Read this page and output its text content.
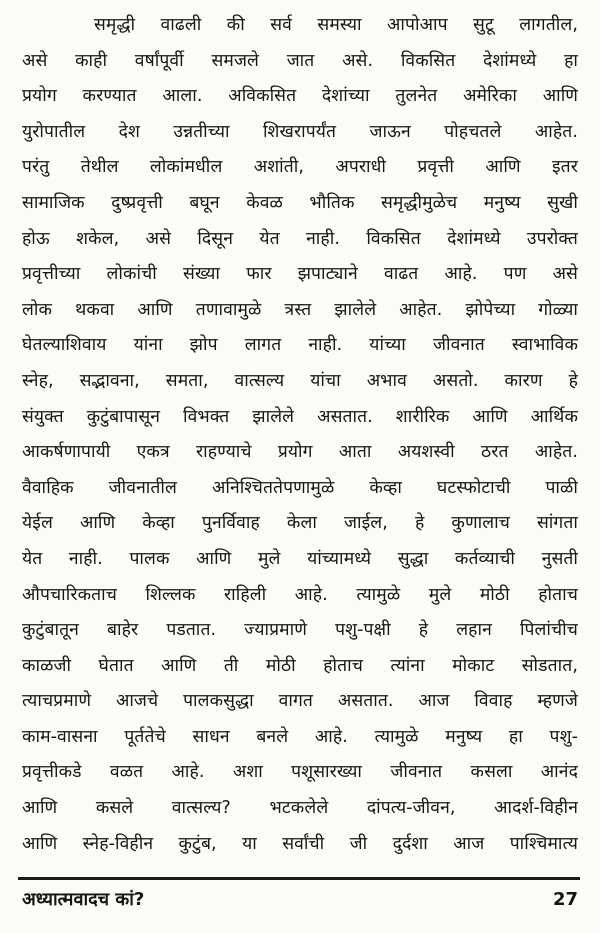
समृद्धी वाढली की सर्व समस्या आपोआप सुटू लागतील,
असे काही वर्षांपूर्वी समजले जात असे. विकसित देशांमध्ये हा
प्रयोग करण्यात आला. अविकसित देशांच्या तुलनेत अमेरिका आणि
युरोपातील देश उन्नतीच्या शिखरापर्यंत जाऊन पोहचतले आहेत.
परंतु तेथील लोकांमधील अशांती, अपराधी प्रवृत्ती आणि इतर
सामाजिक दुष्प्रवृत्ती बघून केवळ भौतिक समृद्धीमुळेच मनुष्य सुखी
होऊ शकेल, असे दिसून येत नाही. विकसित देशांमध्ये उपरोक्त
प्रवृत्तीच्या लोकांची संख्या फार झपाट्याने वाढत आहे. पण असे
लोक थकवा आणि तणावामुळे त्रस्त झालेले आहेत. झोपेच्या गोळ्या
घेतल्याशिवाय यांना झोप लागत नाही. यांच्या जीवनात स्वाभाविक
स्नेह, सद्भावना, समता, वात्सल्य यांचा अभाव असतो. कारण हे
संयुक्त कुटुंबापासून विभक्त झालेले असतात. शारीरिक आणि आर्थिक
आकर्षणापायी एकत्र राहण्याचे प्रयोग आता अयशस्वी ठरत आहेत.
वैवाहिक जीवनातील अनिश्चिततेपणामुळे केव्हा घटस्फोटाची पाळी
येईल आणि केव्हा पुनर्विवाह केला जाईल, हे कुणालाच सांगता
येत नाही. पालक आणि मुले यांच्यामध्ये सुद्धा कर्तव्याची नुसती
औपचारिकताच शिल्लक राहिली आहे. त्यामुळे मुले मोठी होताच
कुटुंबातून बाहेर पडतात. ज्याप्रमाणे पशु-पक्षी हे लहान पिलांचीच
काळजी घेतात आणि ती मोठी होताच त्यांना मोकाट सोडतात,
त्याचप्रमाणे आजचे पालकसुद्धा वागत असतात. आज विवाह म्हणजे
काम-वासना पूर्ततेचे साधन बनले आहे. त्यामुळे मनुष्य हा पशु-
प्रवृत्तीकडे वळत आहे. अशा पशूसारख्या जीवनात कसला आनंद
आणि कसले वात्सल्य? भटकलेले दांपत्य-जीवन, आदर्श-विहीन
आणि स्नेह-विहीन कुटुंब, या सर्वांची जी दुर्दशा आज पाश्चिमात्य
अध्यात्मवादच कां?	27
